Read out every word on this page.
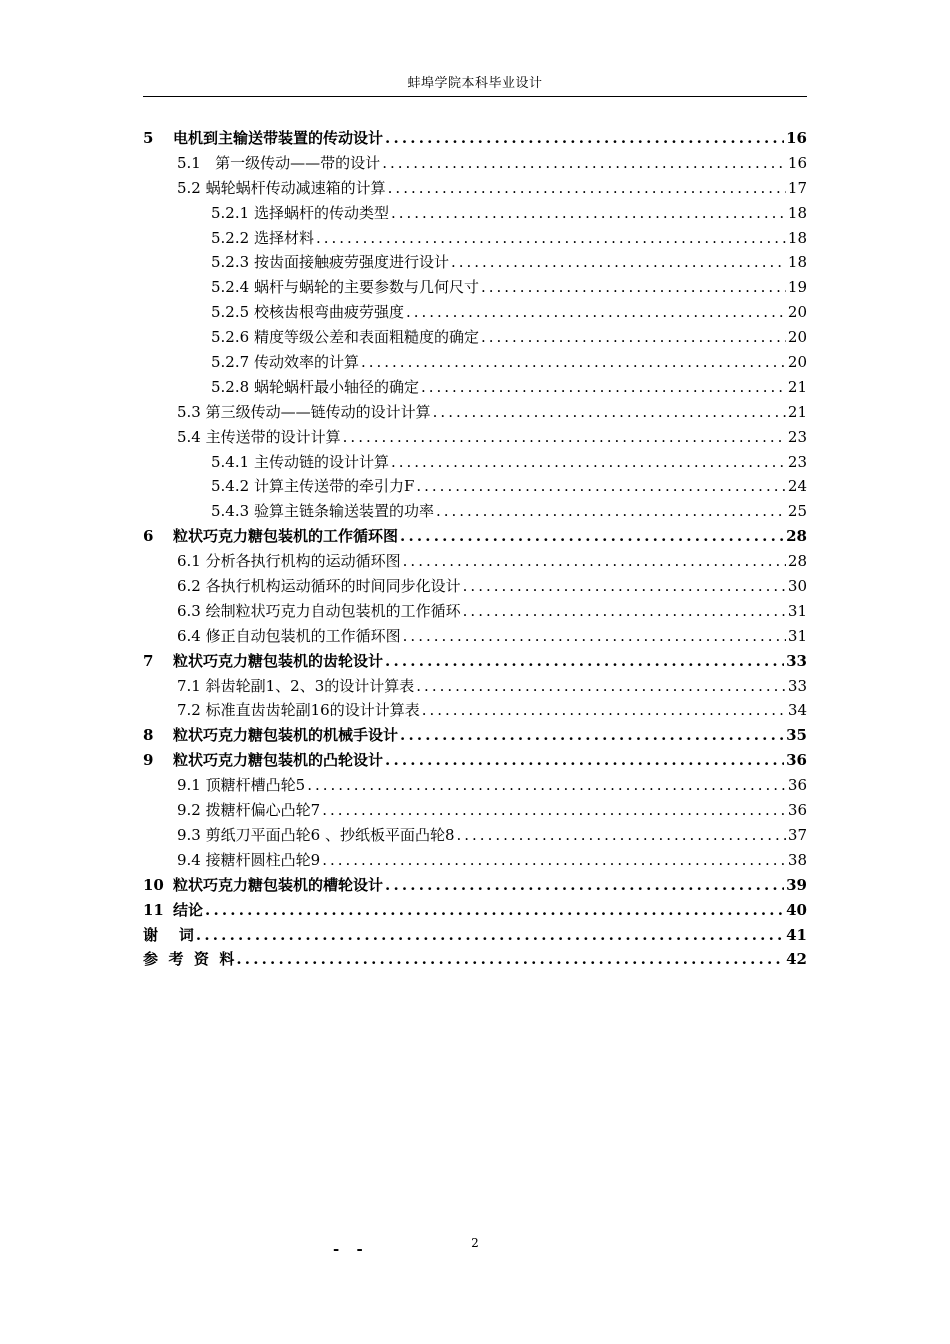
蚌埠学院本科毕业设计
5 电机到主输送带装置的传动设计 .....	16
5.1   第一级传动——带的设计 .....	16
5.2 蜗轮蜗杆传动减速箱的计算 .....	17
5.2.1 选择蜗杆的传动类型 .....	18
5.2.2 选择材料 .....	18
5.2.3 按齿面接触疲劳强度进行设计 .....	18
5.2.4 蜗杆与蜗轮的主要参数与几何尺寸 .....	19
5.2.5 校核齿根弯曲疲劳强度 .....	20
5.2.6 精度等级公差和表面粗糙度的确定 .....	20
5.2.7 传动效率的计算 .....	20
5.2.8 蜗轮蜗杆最小轴径的确定 .....	21
5.3 第三级传动——链传动的设计计算 .....	21
5.4 主传送带的设计计算 .....	23
5.4.1 主传动链的设计计算 .....	23
5.4.2 计算主传送带的牵引力F .....	24
5.4.3 验算主链条输送装置的功率 .....	25
6 粒状巧克力糖包装机的工作循环图 .....	28
6.1 分析各执行机构的运动循环图 .....	28
6.2 各执行机构运动循环的时间同步化设计 .....	30
6.3 绘制粒状巧克力自动包装机的工作循环 .....	31
6.4 修正自动包装机的工作循环图 .....	31
7 粒状巧克力糖包装机的齿轮设计 .....	33
7.1 斜齿轮副1、2、3的设计计算表 .....	33
7.2 标准直齿齿轮副16的设计计算表 .....	34
8 粒状巧克力糖包装机的机械手设计 .....	35
9 粒状巧克力糖包装机的凸轮设计 .....	36
9.1 顶糖杆槽凸轮5 .....	36
9.2 拨糖杆偏心凸轮7 .....	36
9.3 剪纸刀平面凸轮6 、抄纸板平面凸轮8 .....	37
9.4 接糖杆圆柱凸轮9 .....	38
10 粒状巧克力糖包装机的槽轮设计 .....	39
11 结论 .....	40
谢    词 .....	41
参  考  资  料 .....	42
2
- -
